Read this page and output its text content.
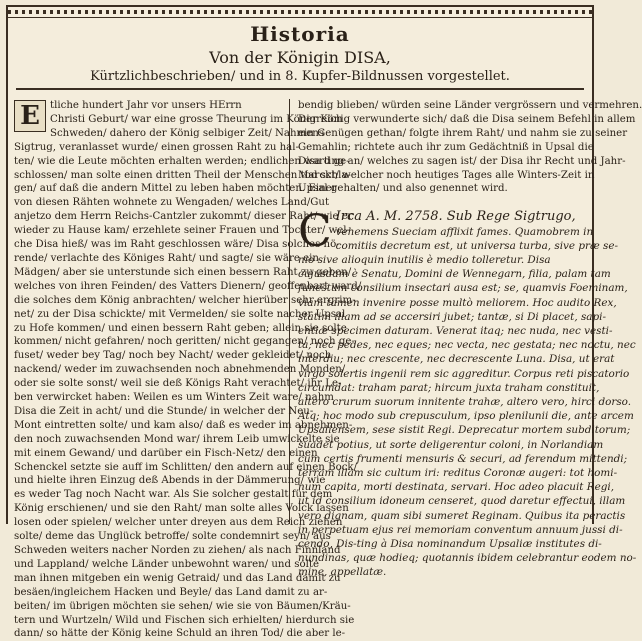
Historia
Von der Königin DISA,
Kürtzlichbeschrieben/ und in 8. Kupfer-Bildnussen vorgestellet.
E tliche hundert Jahr vor unsers HErrn
Christi Geburt/ war eine grosse Theurung im Königreich
Schweden/ dahero der König selbiger Zeit/ Nahmens
Sigtrug, veranlasset wurde/ einen grossen Raht zu hal-
ten/ wie die Leute möchten erhalten werden; endlichen ward ge-
schlossen/ man solte einen dritten Theil der Menschen tod schla-
gen/ auf daß die andern Mittel zu leben haben möchten. Einer
von diesen Rähten wohnete zu Wengaden/ welches Land/Gut
anjetzo dem Herrn Reichs-Cantzler zukommt/ dieser Raht/ wie er
wieder zu Hause kam/ erzehlete seiner Frauen und Tochter/ wel-
che Disa hieß/ was im Raht geschlossen wäre/ Disa solches hö-
rende/ verlachte des Königes Raht/ und sagte/ sie wäre ein
Mädgen/ aber sie unterstunde sich einen bessern Raht zu geben/
welches von ihren Feinden/ des Vatters Dienern/ geoffenbart ward/
die solches dem König anbrachten/ welcher hierüber sehr ergrim-
net/ zu der Disa schickte/ mit Vermelden/ sie solte nacher Upsal
zu Hofe kommen/ und einen bessern Raht geben; allein sie solte
kommen/ nicht gefahren/ noch geritten/ nicht gegangen/ noch ge-
fuset/ weder bey Tag/ noch bey Nacht/ weder gekleidet/ noch
nackend/ weder im zuwachsenden noch abnehmenden Monden/
oder sie solte sonst/ weil sie deß Königs Raht verachtet/ ihr Le-
ben verwircket haben: Weilen es um Winters Zeit ware/ nahm
Disa die Zeit in acht/ und die Stunde/ in welcher der Neu-
Mont eintretten solte/ und kam also/ daß es weder im abnehmen-
den noch zuwachsenden Mond war/ ihrem Leib umwickelte sie
mit einem Gewand/ und darüber ein Fisch-Netz/ den einen
Schenckel setzte sie auff im Schlitten/ den andern auf einen Bock/
und hielte ihren Einzug deß Abends in der Dämmerung/ wie
es weder Tag noch Nacht war. Als Sie solcher gestalt für dem
König erschienen/ und sie den Raht/ man solte alles Volck lassen
losen oder spielen/ welcher unter dreyen aus dem Reich ziehen
solte/ deme das Unglück betroffe/ solte condemnirt seyn/ aus
Schweden weiters nacher Norden zu ziehen/ als nach Finnland
und Lappland/ welche Länder unbewohnt waren/ und solte
man ihnen mitgeben ein wenig Getraid/ und das Land damit zu
besäen/ingleichem Hacken und Beyle/ das Land damit zu ar-
beiten/ im übrigen möchten sie sehen/ wie sie von Bäumen/Kräu-
tern und Wurtzeln/ Wild und Fischen sich erhielten/ hierdurch sie
dann/ so hätte der König keine Schuld an ihren Tod/ die aber le-
bendig blieben/ würden seine Länder vergrössern und vermehren.
Der König verwunderte sich/ daß die Disa seinem Befehl in allem
ein Genügen gethan/ folgte ihrem Raht/ und nahm sie zu seiner
Gemahlin; richtete auch ihr zum Gedächtniß in Upsal die
Disa ting an/ welches zu sagen ist/ der Disa ihr Recht und Jahr-
Marckt/ welcher noch heutiges Tages alle Winters-Zeit in
Upsal gehalten/ und also genennet wird.
C Irca A. M. 2758. Sub Rege Sigtrugo,
vehemens Sueciam afflixit fames. Quamobrem in
comitiis decretum est, ut universa turba, sive præ se-
nio sive alioquin inutilis è medio tolleretur. Disa
cujusdam è Senatu, Domini de Wennegarn, filia, palam tam
funestum consilium insectari ausa est; se, quamvis Foeminam,
viam tamen invenire posse multò meliorem. Hoc audito Rex,
statim illam ad se accersiri jubet; tantæ, si Di placet, sapi-
entiæ specimen daturam. Venerat itaq; nec nuda, nec vesti-
ta; nec pedes, nec eques; nec vecta, nec gestata; nec noctu, nec
interdiu; nec crescente, nec decrescente Luna. Disa, ut erat
virgo solertis ingenii rem sic aggreditur. Corpus reti piscatorio
circumdat: traham parat; hircum juxta traham constituit,
altero crurum suorum innitente trahæ, altero vero, hirci dorso.
Atq; hoc modo sub crepusculum, ipso plenilunii die, ante arcem
Upsaliensem, sese sistit Regi. Deprecatur mortem subditorum;
suadet potius, ut sorte deligerentur coloni, in Norlandiam
cum certis frumenti mensuris & securi, ad ferendum mittendi;
terram illam sic cultum iri: reditus Coronæ augeri: tot homi-
num capita, morti destinata, servari. Hoc adeo placuit Regi,
ut id consilium idoneum censeret, quod daretur effectui, illam
vero dignam, quam sibi sumeret Reginam. Quibus ita peractis
in perpetuam ejus rei memoriam conventum annuum jussi di-
cendo, Dis-ting à Disa nominandum Upsaliæ institutes di-
nundinas, quæ hodieq; quotannis ibidem celebrantur eodem no-
mine, appellatæ.
